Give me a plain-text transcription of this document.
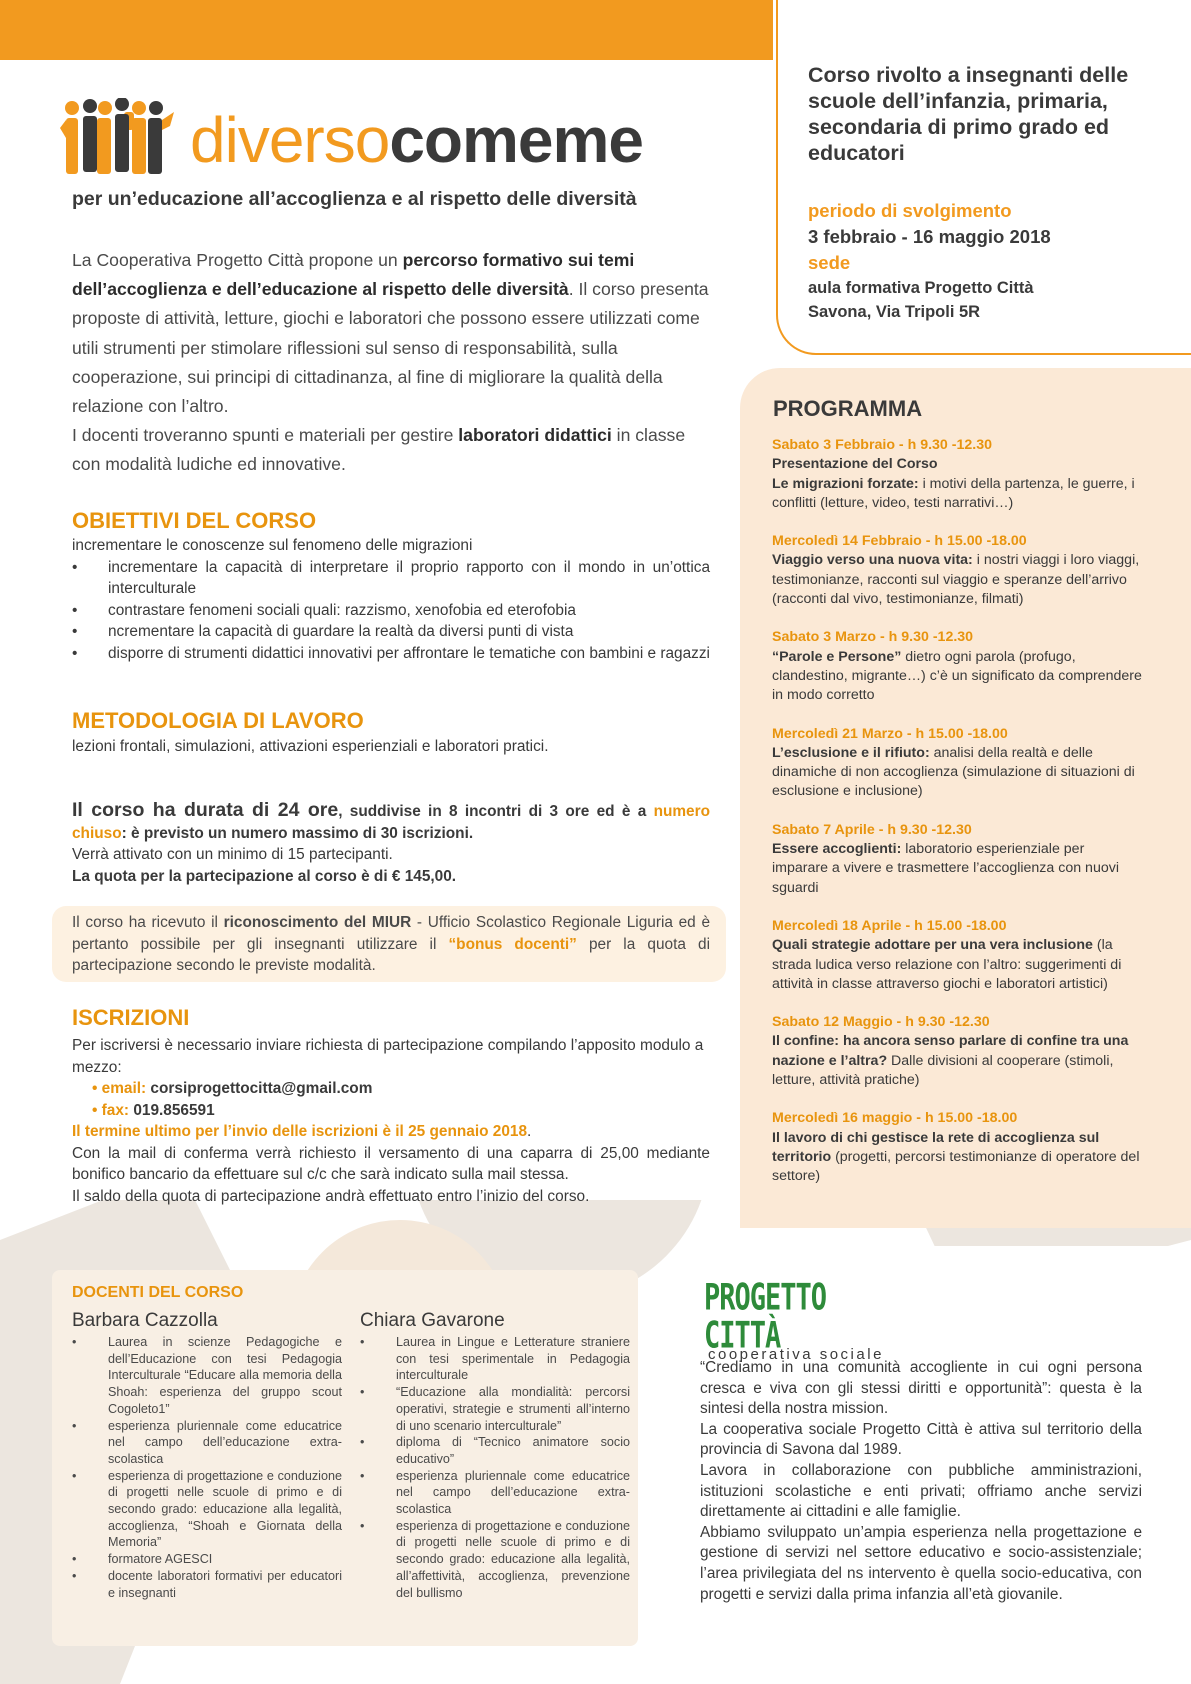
diversocomeme
per un’educazione all’accoglienza e al rispetto delle diversità
La Cooperativa Progetto Città propone un percorso formativo sui temi dell’accoglienza e dell’educazione al rispetto delle diversità. Il corso presenta proposte di attività, letture, giochi e laboratori che possono essere utilizzati come utili strumenti per stimolare riflessioni sul senso di responsabilità, sulla cooperazione, sui principi di cittadinanza, al fine di migliorare la qualità della relazione con l’altro.
I docenti troveranno spunti e materiali per gestire laboratori didattici in classe con modalità ludiche ed innovative.
OBIETTIVI DEL CORSO
incrementare le conoscenze sul fenomeno delle migrazioni
• incrementare la capacità di interpretare il proprio rapporto con il mondo in un’ottica interculturale
• contrastare fenomeni sociali quali: razzismo, xenofobia ed eterofobia
• ncrementare la capacità di guardare la realtà da diversi punti di vista
• disporre di strumenti didattici innovativi per affrontare le tematiche con bambini e ragazzi
METODOLOGIA DI LAVORO
lezioni frontali, simulazioni, attivazioni esperienziali e laboratori pratici.
Il corso ha durata di 24 ore, suddivise in 8 incontri di 3 ore ed è a numero chiuso: è previsto un numero massimo di 30 iscrizioni.
Verrà attivato con un minimo di 15 partecipanti.
La quota per la partecipazione al corso è di € 145,00.
Il corso ha ricevuto il riconoscimento del MIUR - Ufficio Scolastico Regionale Liguria ed è pertanto possibile per gli insegnanti utilizzare il “bonus docenti” per la quota di partecipazione secondo le previste modalità.
ISCRIZIONI
Per iscriversi è necessario inviare richiesta di partecipazione compilando l’apposito modulo a mezzo:
• email: corsiprogettocitta@gmail.com
• fax: 019.856591
Il termine ultimo per l’invio delle iscrizioni è il 25 gennaio 2018.
Con la mail di conferma verrà richiesto il versamento di una caparra di 25,00 mediante bonifico bancario da effettuare sul c/c che sarà indicato sulla mail stessa.
Il saldo della quota di partecipazione andrà effettuato entro l’inizio del corso.
Corso rivolto a insegnanti delle scuole dell’infanzia, primaria, secondaria di primo grado ed educatori
periodo di svolgimento
3 febbraio - 16 maggio 2018
sede
aula formativa Progetto Città
Savona, Via Tripoli 5R
PROGRAMMA
Sabato 3 Febbraio - h 9.30 -12.30
Presentazione del Corso
Le migrazioni forzate: i motivi della partenza, le guerre, i conflitti (letture, video, testi narrativi…)
Mercoledì 14 Febbraio - h 15.00 -18.00
Viaggio verso una nuova vita: i nostri viaggi i loro viaggi, testimonianze, racconti sul viaggio e speranze dell’arrivo (racconti dal vivo, testimonianze, filmati)
Sabato 3 Marzo - h 9.30 -12.30
“Parole e Persone” dietro ogni parola (profugo, clandestino, migrante…) c’è un significato da comprendere in modo corretto
Mercoledì 21 Marzo - h 15.00 -18.00
L’esclusione e il rifiuto: analisi della realtà e delle dinamiche di non accoglienza (simulazione di situazioni di esclusione e inclusione)
Sabato 7 Aprile - h 9.30 -12.30
Essere accoglienti: laboratorio esperienziale per imparare a vivere e trasmettere l’accoglienza con nuovi sguardi
Mercoledì 18 Aprile - h 15.00 -18.00
Quali strategie adottare per una vera inclusione (la strada ludica verso relazione con l’altro: suggerimenti di attività in classe attraverso giochi e laboratori artistici)
Sabato 12 Maggio - h 9.30 -12.30
Il confine: ha ancora senso parlare di confine tra una nazione e l’altra? Dalle divisioni al cooperare (stimoli, letture, attività pratiche)
Mercoledì 16 maggio - h 15.00 -18.00
Il lavoro di chi gestisce la rete di accoglienza sul territorio (progetti, percorsi testimonianze di operatore del settore)
DOCENTI DEL CORSO
Barbara Cazzolla
• Laurea in scienze Pedagogiche e dell’Educazione con tesi Pedagogia Interculturale “Educare alla memoria della Shoah: esperienza del gruppo scout Cogoleto1”
• esperienza pluriennale come educatrice nel campo dell’educazione extra-scolastica
• esperienza di progettazione e conduzione di progetti nelle scuole di primo e di secondo grado: educazione alla legalità, accoglienza, “Shoah e Giornata della Memoria”
• formatore AGESCI
• docente laboratori formativi per educatori e insegnanti
Chiara Gavarone
• Laurea in Lingue e Letterature straniere con tesi sperimentale in Pedagogia interculturale
• “Educazione alla mondialità: percorsi operativi, strategie e strumenti all’interno di uno scenario interculturale”
• diploma di “Tecnico animatore socio educativo”
• esperienza pluriennale come educatrice nel campo dell’educazione extra-scolastica
• esperienza di progettazione e conduzione di progetti nelle scuole di primo e di secondo grado: educazione alla legalità, all’affettività, accoglienza, prevenzione del bullismo
PROGETTO CITTÀ
cooperativa sociale
“Crediamo in una comunità accogliente in cui ogni persona cresca e viva con gli stessi diritti e opportunità”: questa è la sintesi della nostra mission.
La cooperativa sociale Progetto Città è attiva sul territorio della provincia di Savona dal 1989.
Lavora in collaborazione con pubbliche amministrazioni, istituzioni scolastiche e enti privati; offriamo anche servizi direttamente ai cittadini e alle famiglie.
Abbiamo sviluppato un’ampia esperienza nella progettazione e gestione di servizi nel settore educativo e socio-assistenziale; l’area privilegiata del ns intervento è quella socio-educativa, con progetti e servizi dalla prima infanzia all’età giovanile.
